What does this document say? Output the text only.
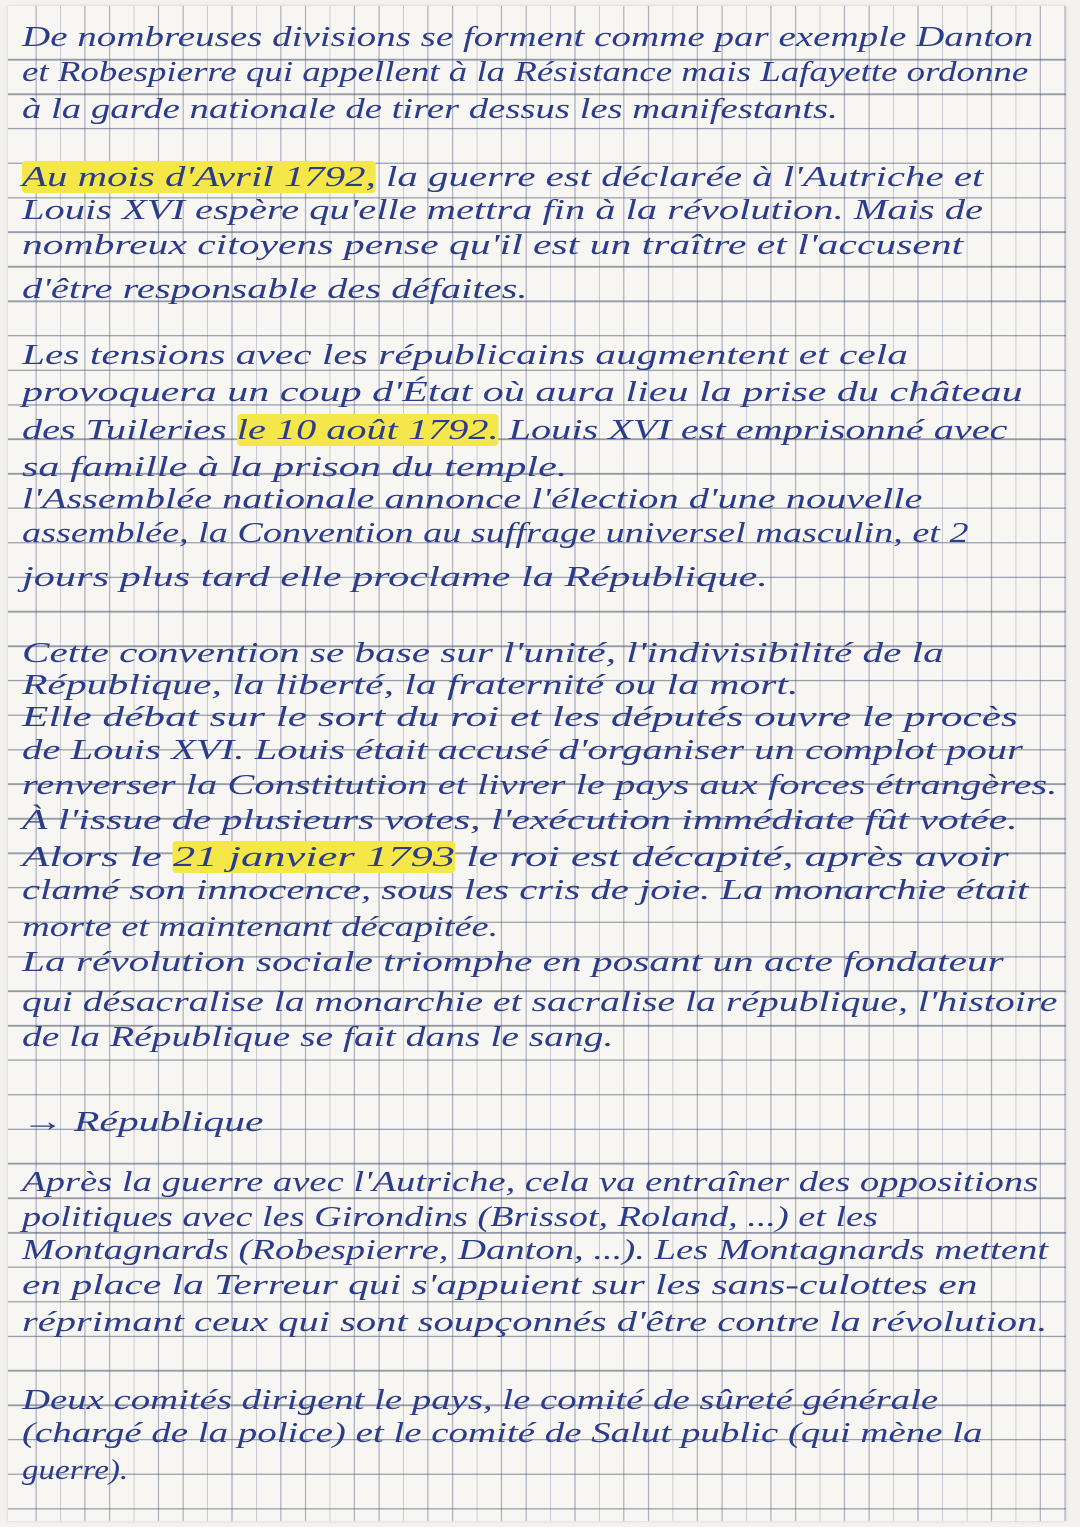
De nombreuses divisions se forment comme par exemple Danton
et Robespierre qui appellent à la Résistance mais Lafayette ordonne
à la garde nationale de tirer dessus les manifestants.
Au mois d'Avril 1792, la guerre est déclarée à l'Autriche et
Louis XVI espère qu'elle mettra fin à la révolution. Mais de
nombreux citoyens pense qu'il est un traître et l'accusent
d'être responsable des défaites.
Les tensions avec les républicains augmentent et cela
provoquera un coup d'État où aura lieu la prise du château
des Tuileries le 10 août 1792. Louis XVI est emprisonné avec
sa famille à la prison du temple.
l'Assemblée nationale annonce l'élection d'une nouvelle
assemblée, la Convention au suffrage universel masculin, et 2
jours plus tard elle proclame la République.
Cette convention se base sur l'unité, l'indivisibilité de la
République, la liberté, la fraternité ou la mort.
Elle débat sur le sort du roi et les députés ouvre le procès
de Louis XVI. Louis était accusé d'organiser un complot pour
renverser la Constitution et livrer le pays aux forces étrangères.
À l'issue de plusieurs votes, l'exécution immédiate fût votée.
Alors le 21 janvier 1793 le roi est décapité, après avoir
clamé son innocence, sous les cris de joie. La monarchie était
morte et maintenant décapitée.
La révolution sociale triomphe en posant un acte fondateur
qui désacralise la monarchie et sacralise la république, l'histoire
de la République se fait dans le sang.
→ République
Après la guerre avec l'Autriche, cela va entraîner des oppositions
politiques avec les Girondins (Brissot, Roland, ...) et les
Montagnards (Robespierre, Danton, ...). Les Montagnards mettent
en place la Terreur qui s'appuient sur les sans-culottes en
réprimant ceux qui sont soupçonnés d'être contre la révolution.
Deux comités dirigent le pays, le comité de sûreté générale
(chargé de la police) et le comité de Salut public (qui mène la
guerre).
